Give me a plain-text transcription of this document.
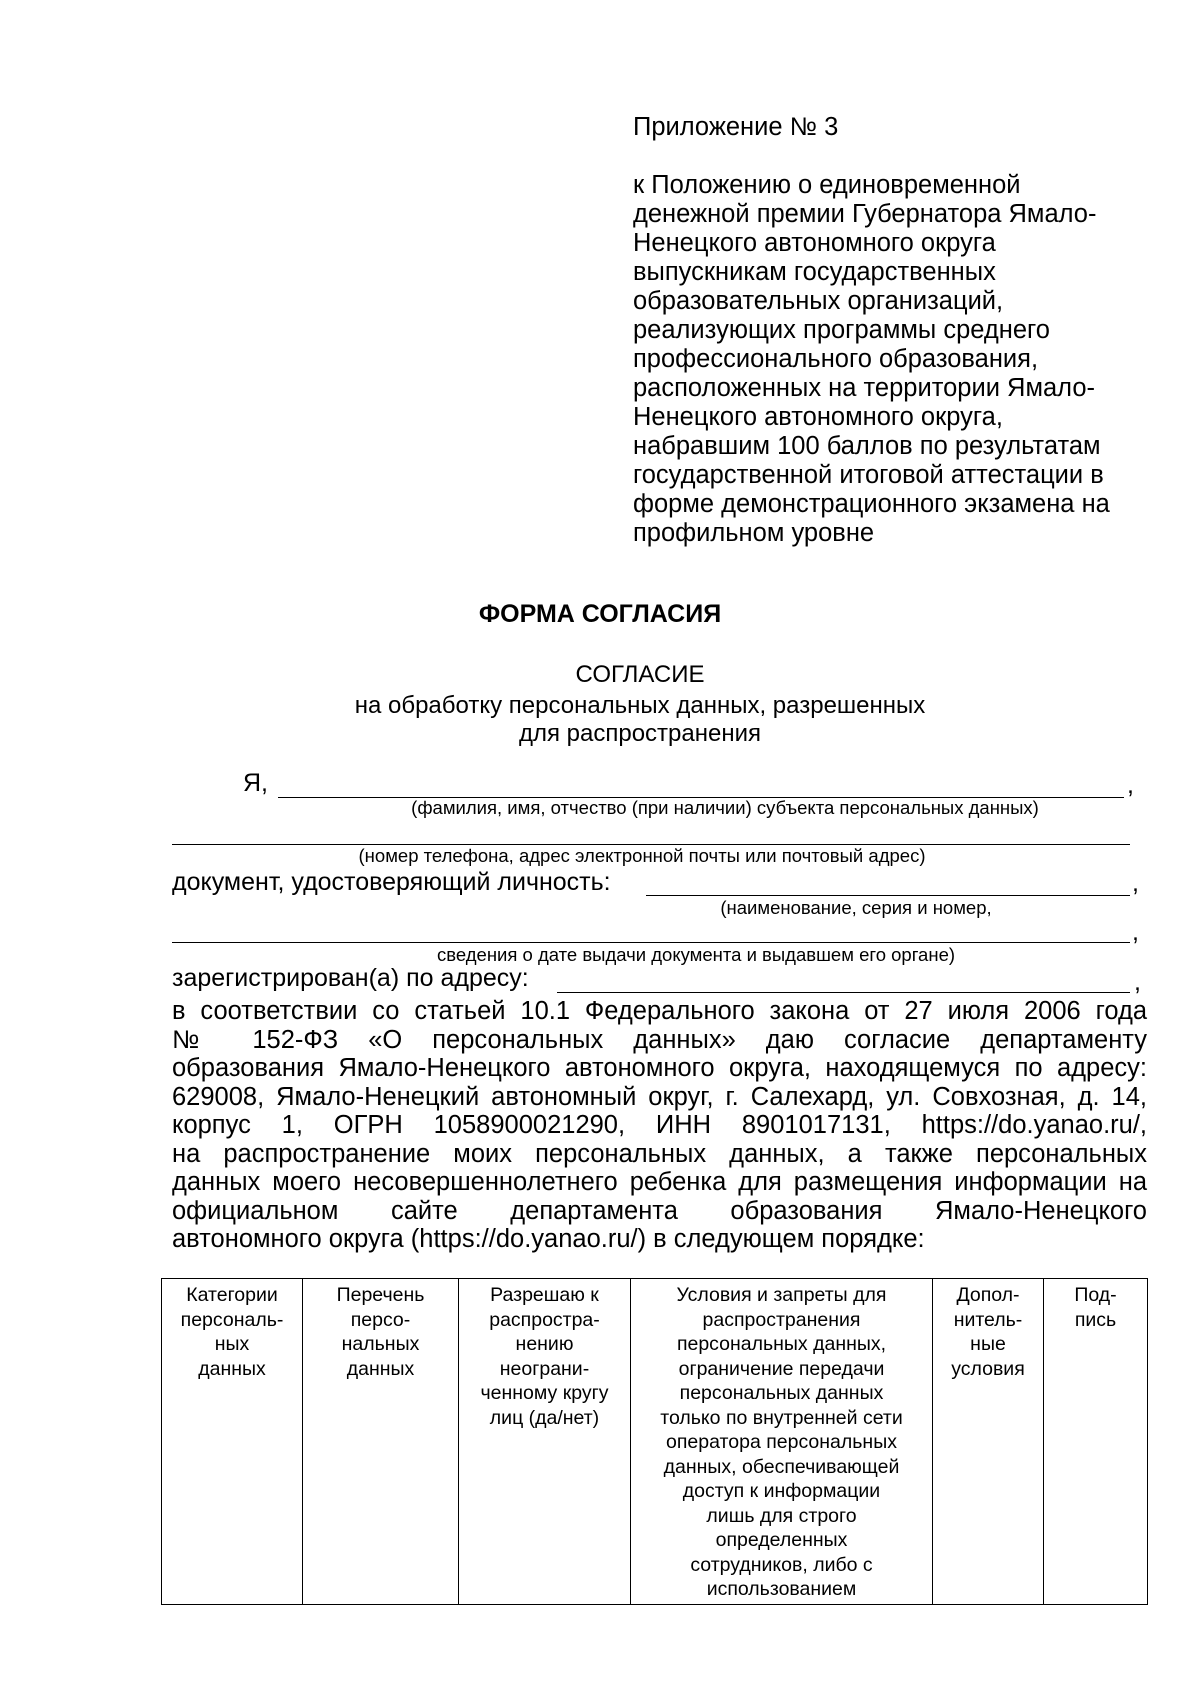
Приложение № 3

к Положению о единовременной
денежной премии Губернатора Ямало-
Ненецкого автономного округа
выпускникам государственных
образовательных организаций,
реализующих программы среднего
профессионального образования,
расположенных на территории Ямало-
Ненецкого автономного округа,
набравшим 100 баллов по результатам
государственной итоговой аттестации в
форме демонстрационного экзамена на
профильном уровне
ФОРМА СОГЛАСИЯ
СОГЛАСИЕ
на обработку персональных данных, разрешенных
для распространения
Я,	,
(фамилия, имя, отчество (при наличии) субъекта персональных данных)
(номер телефона, адрес электронной почты или почтовый адрес)
документ, удостоверяющий личность:	,
(наименование, серия и номер,
,
сведения о дате выдачи документа и выдавшем его органе)
зарегистрирован(а) по адресу:	,
в соответствии со статьей 10.1 Федерального закона от 27 июля 2006 года
№ 152-ФЗ «О персональных данных» даю согласие департаменту
образования Ямало-Ненецкого автономного округа, находящемуся по адресу:
629008, Ямало-Ненецкий автономный округ, г. Салехард, ул. Совхозная, д. 14,
корпус 1, ОГРН 1058900021290, ИНН 8901017131, https://do.yanao.ru/,
на распространение моих персональных данных, а также персональных
данных моего несовершеннолетнего ребенка для размещения информации на
официальном сайте департамента образования Ямало-Ненецкого
автономного округа (https://do.yanao.ru/) в следующем порядке:
Категории
персональ-
ных
данных

Перечень
персо-
нальных
данных

Разрешаю к
распростра-
нению
неограни-
ченному кругу
лиц (да/нет)

Условия и запреты для
распространения
персональных данных,
ограничение передачи
персональных данных
только по внутренней сети
оператора персональных
данных, обеспечивающей
доступ к информации
лишь для строго
определенных
сотрудников, либо с
использованием

Допол-
нитель-
ные
условия

Под-
пись
